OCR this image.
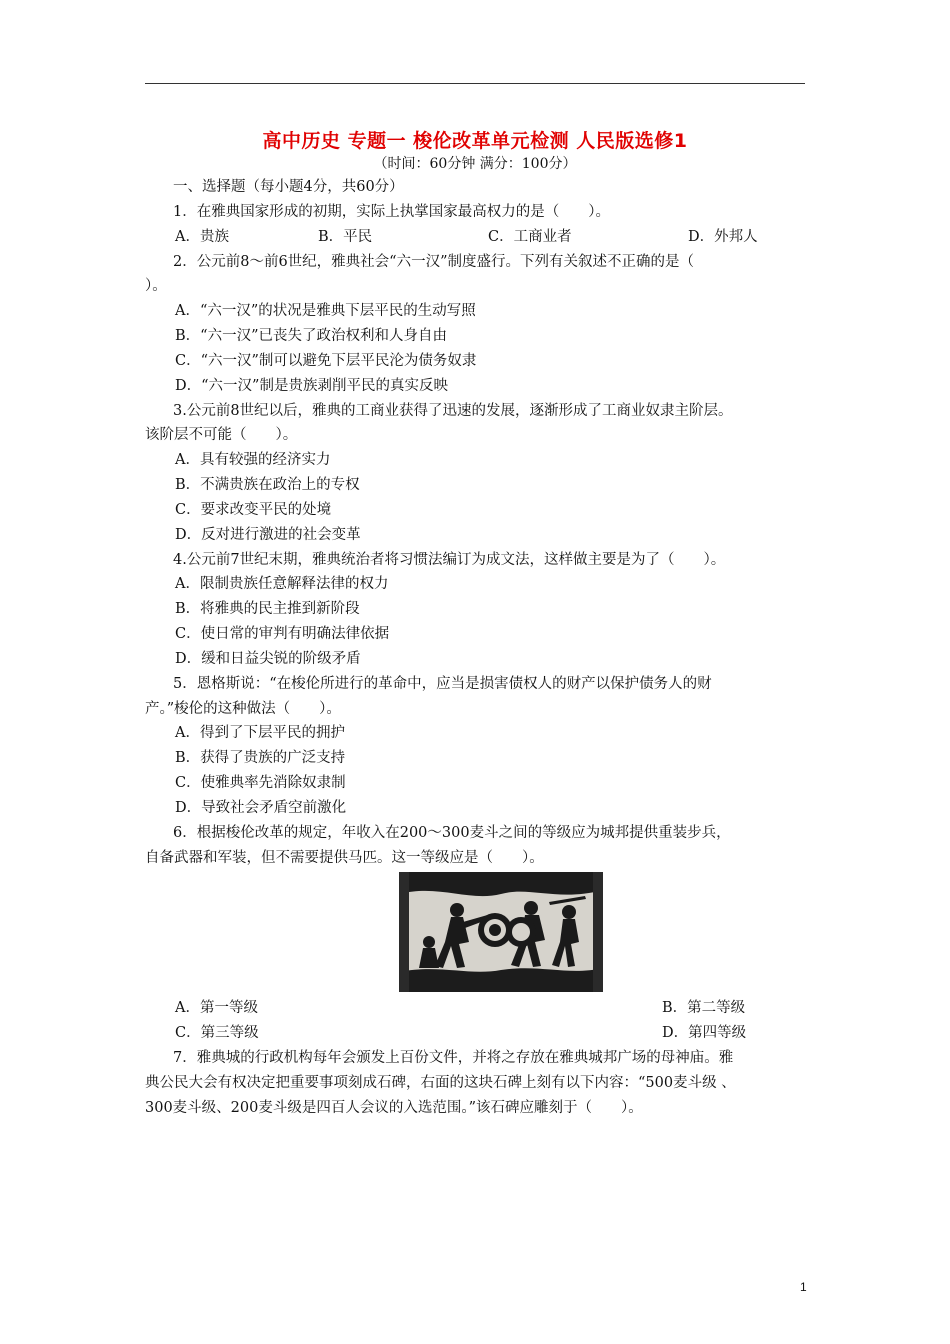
高中历史 专题一 梭伦改革单元检测 人民版选修1
（时间：60分钟 满分：100分）
一、选择题（每小题4分，共60分）
1．在雅典国家形成的初期，实际上执掌国家最高权力的是（　　）。
A．贵族	B．平民	C．工商业者	D．外邦人
2．公元前8～前6世纪，雅典社会“六一汉”制度盛行。下列有关叙述不正确的是（
）。
A．“六一汉”的状况是雅典下层平民的生动写照
B．“六一汉”已丧失了政治权利和人身自由
C．“六一汉”制可以避免下层平民沦为债务奴隶
D．“六一汉”制是贵族剥削平民的真实反映
3.公元前8世纪以后，雅典的工商业获得了迅速的发展，逐渐形成了工商业奴隶主阶层。
该阶层不可能（　　）。
A．具有较强的经济实力
B．不满贵族在政治上的专权
C．要求改变平民的处境
D．反对进行激进的社会变革
4.公元前7世纪末期，雅典统治者将习惯法编订为成文法，这样做主要是为了（　　）。
A．限制贵族任意解释法律的权力
B．将雅典的民主推到新阶段
C．使日常的审判有明确法律依据
D．缓和日益尖锐的阶级矛盾
5．恩格斯说：“在梭伦所进行的革命中，应当是损害债权人的财产以保护债务人的财
产。”梭伦的这种做法（　　）。
A．得到了下层平民的拥护
B．获得了贵族的广泛支持
C．使雅典率先消除奴隶制
D．导致社会矛盾空前激化
6．根据梭伦改革的规定，年收入在200～300麦斗之间的等级应为城邦提供重装步兵，
自备武器和军装，但不需要提供马匹。这一等级应是（　　）。
A．第一等级	B．第二等级
C．第三等级	D．第四等级
7．雅典城的行政机构每年会颁发上百份文件，并将之存放在雅典城邦广场的母神庙。雅
典公民大会有权决定把重要事项刻成石碑，右面的这块石碑上刻有以下内容：“500麦斗级 、
300麦斗级、200麦斗级是四百人会议的入选范围。”该石碑应雕刻于（　　）。
1
